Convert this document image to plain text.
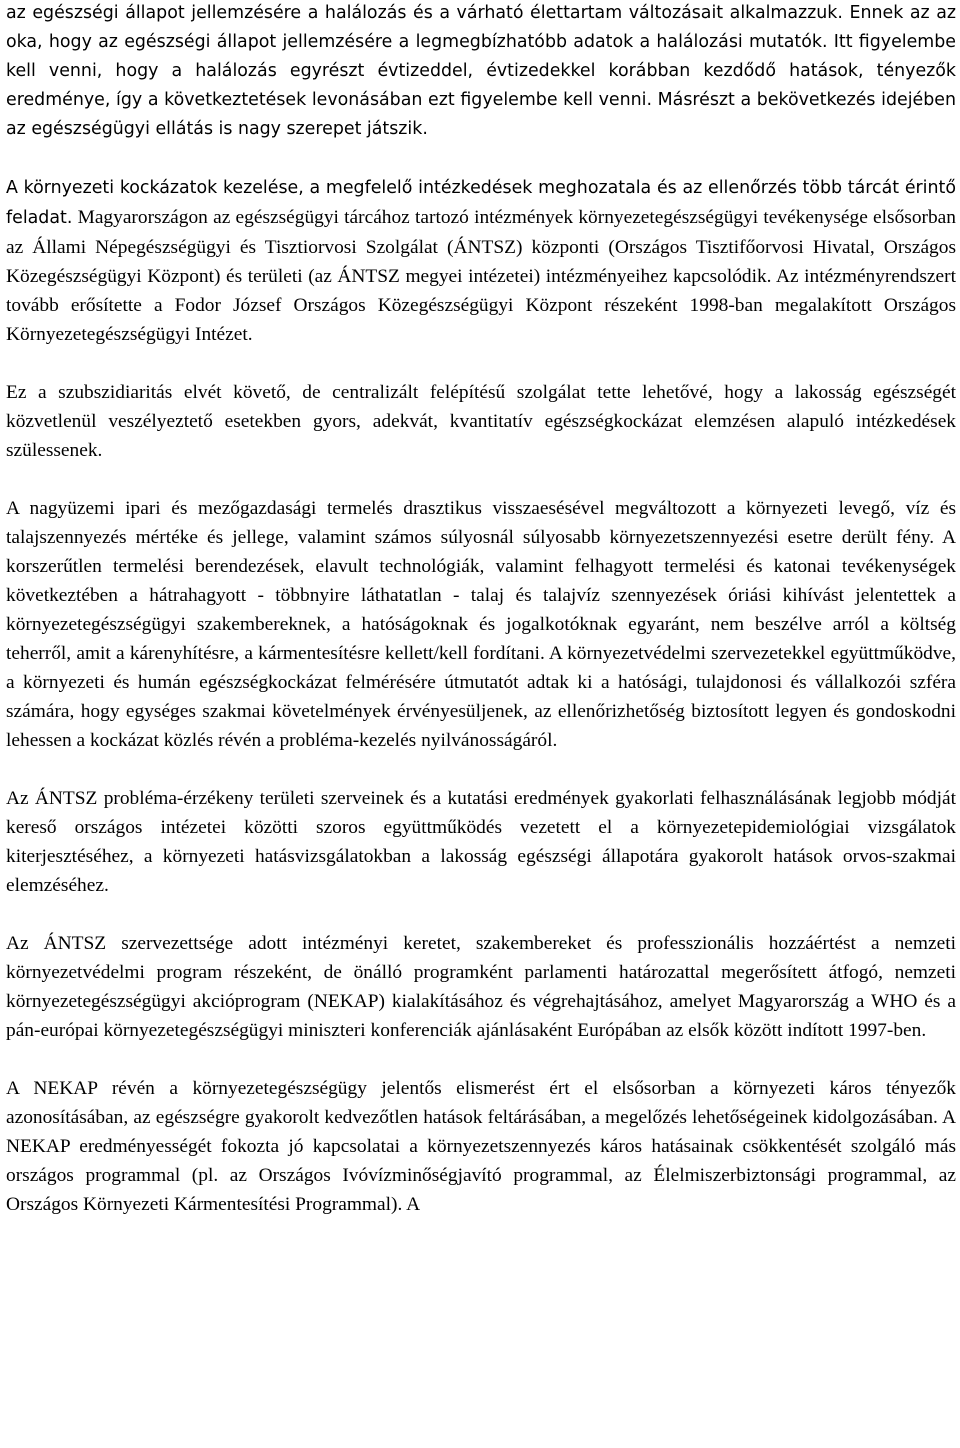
az egészségi állapot jellemzésére a halálozás és a várható élettartam változásait alkalmazzuk. Ennek az az oka, hogy az egészségi állapot jellemzésére a legmegbízhatóbb adatok a halálozási mutatók. Itt figyelembe kell venni, hogy a halálozás egyrészt évtizeddel, évtizedekkel korábban kezdődő hatások, tényezők eredménye, így a következtetések levonásában ezt figyelembe kell venni. Másrészt a bekövetkezés idejében az egészségügyi ellátás is nagy szerepet játszik.

A környezeti kockázatok kezelése, a megfelelő intézkedések meghozatala és az ellenőrzés több tárcát érintő feladat. Magyarországon az egészségügyi tárcához tartozó intézmények környezetegészségügyi tevékenysége elsősorban az Állami Népegészségügyi és Tisztiorvosi Szolgálat (ÁNTSZ) központi (Országos Tisztifőorvosi Hivatal, Országos Közegészségügyi Központ) és területi (az ÁNTSZ megyei intézetei) intézményeihez kapcsolódik. Az intézményrendszert tovább erősítette a Fodor József Országos Közegészségügyi Központ részeként 1998-ban megalakított Országos Környezetegészségügyi Intézet.

Ez a szubszidiaritás elvét követő, de centralizált felépítésű szolgálat tette lehetővé, hogy a lakosság egészségét közvetlenül veszélyeztető esetekben gyors, adekvát, kvantitatív egészségkockázat elemzésen alapuló intézkedések szülessenek.

A nagyüzemi ipari és mezőgazdasági termelés drasztikus visszaesésével megváltozott a környezeti levegő, víz és talajszennyezés mértéke és jellege, valamint számos súlyosnál súlyosabb környezetszennyezési esetre derült fény. A korszerűtlen termelési berendezések, elavult technológiák, valamint felhagyott termelési és katonai tevékenységek következtében a hátrahagyott - többnyire láthatatlan - talaj és talajvíz szennyezések óriási kihívást jelentettek a környezetegészségügyi szakembereknek, a hatóságoknak és jogalkotóknak egyaránt, nem beszélve arról a költség teherről, amit a kárenyhítésre, a kármentesítésre kellett/kell fordítani. A környezetvédelmi szervezetekkel együttműködve, a környezeti és humán egészségkockázat felmérésére útmutatót adtak ki a hatósági, tulajdonosi és vállalkozói szféra számára, hogy egységes szakmai követelmények érvényesüljenek, az ellenőrizhetőség biztosított legyen és gondoskodni lehessen a kockázat közlés révén a probléma-kezelés nyilvánosságáról.

Az ÁNTSZ probléma-érzékeny területi szerveinek és a kutatási eredmények gyakorlati felhasználásának legjobb módját kereső országos intézetei közötti szoros együttműködés vezetett el a környezetepidemiológiai vizsgálatok kiterjesztéséhez, a környezeti hatásvizsgálatokban a lakosság egészségi állapotára gyakorolt hatások orvos-szakmai elemzéséhez.

Az ÁNTSZ szervezettsége adott intézményi keretet, szakembereket és professzionális hozzáértést a nemzeti környezetvédelmi program részeként, de önálló programként parlamenti határozattal megerősített átfogó, nemzeti környezetegészségügyi akcióprogram (NEKAP) kialakításához és végrehajtásához, amelyet Magyarország a WHO és a pán-európai környezetegészségügyi miniszteri konferenciák ajánlásaként Európában az elsők között indított 1997-ben.

A NEKAP révén a környezetegészségügy jelentős elismerést ért el elsősorban a környezeti káros tényezők azonosításában, az egészségre gyakorolt kedvezőtlen hatások feltárásában, a megelőzés lehetőségeinek kidolgozásában. A NEKAP eredményességét fokozta jó kapcsolatai a környezetszennyezés káros hatásainak csökkentését szolgáló más országos programmal (pl. az Országos Ivóvízminőségjavító programmal, az Élelmiszerbiztonsági programmal, az Országos Környezeti Kármentesítési Programmal). A
